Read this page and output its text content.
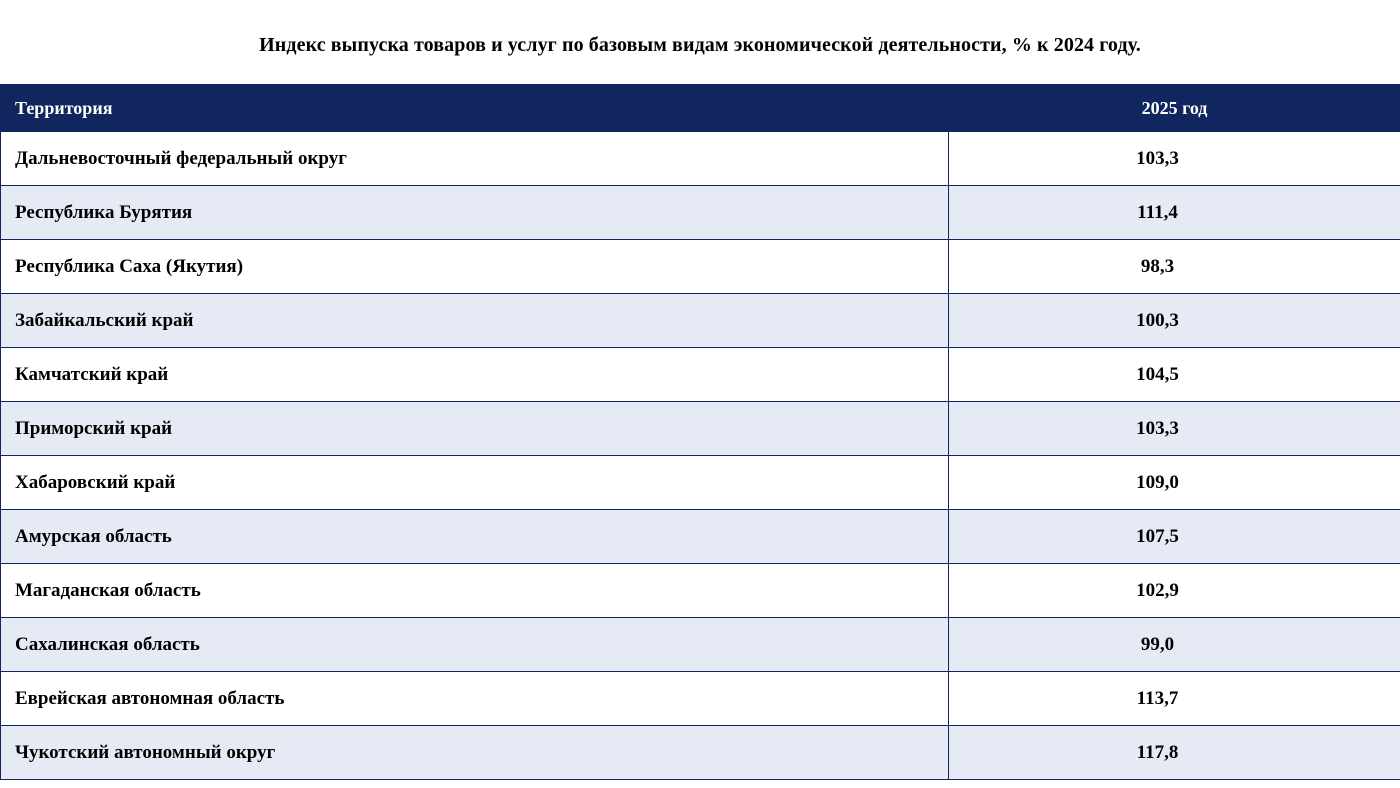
Индекс выпуска товаров и услуг по базовым видам экономической деятельности, % к 2024 году.
Территория	2025 год
Дальневосточный федеральный округ	103,3
Республика Бурятия	111,4
Республика Саха (Якутия)	98,3
Забайкальский край	100,3
Камчатский край	104,5
Приморский край	103,3
Хабаровский край	109,0
Амурская область	107,5
Магаданская область	102,9
Сахалинская область	99,0
Еврейская автономная область	113,7
Чукотский автономный округ	117,8
